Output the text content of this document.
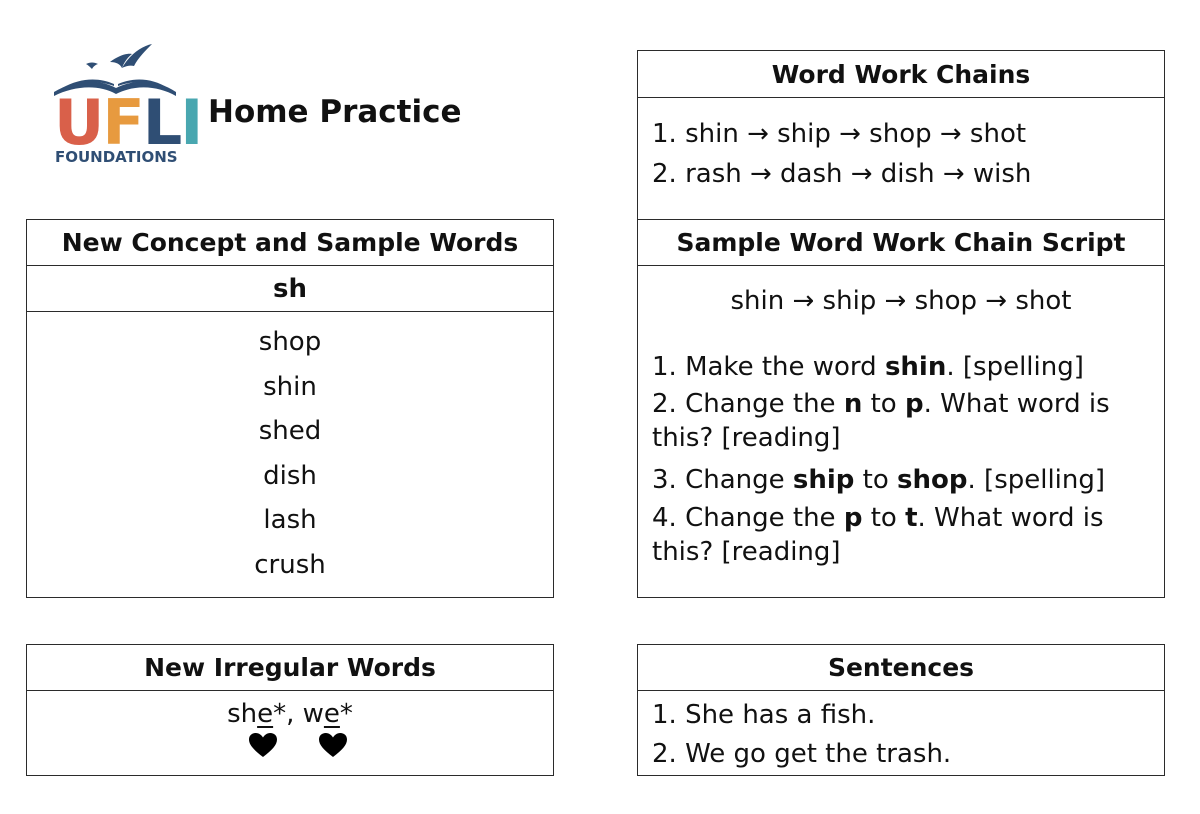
UFLI
FOUNDATIONS
Home Practice
New Concept and Sample Words
sh
shop
shin
shed
dish
lash
crush
New Irregular Words
she*, we*
Word Work Chains
1. shin → ship → shop → shot
2. rash → dash → dish → wish
Sample Word Work Chain Script
shin → ship → shop → shot
1. Make the word shin. [spelling]
2. Change the n to p. What word is
this? [reading]
3. Change ship to shop. [spelling]
4. Change the p to t. What word is
this? [reading]
Sentences
1. She has a fish.
2. We go get the trash.
